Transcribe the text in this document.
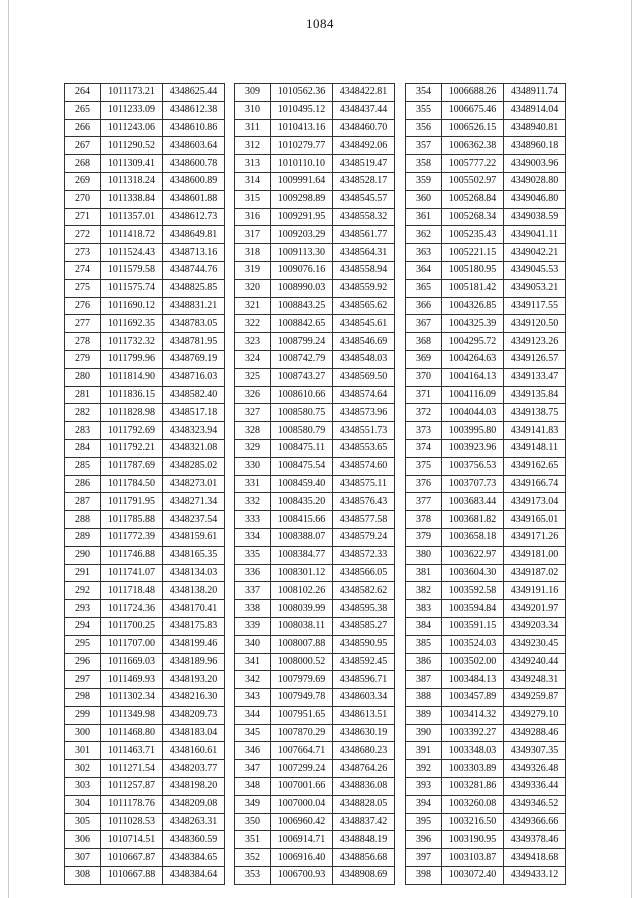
1084
264	1011173.21	4348625.44
265	1011233.09	4348612.38
266	1011243.06	4348610.86
267	1011290.52	4348603.64
268	1011309.41	4348600.78
269	1011318.24	4348600.89
270	1011338.84	4348601.88
271	1011357.01	4348612.73
272	1011418.72	4348649.81
273	1011524.43	4348713.16
274	1011579.58	4348744.76
275	1011575.74	4348825.85
276	1011690.12	4348831.21
277	1011692.35	4348783.05
278	1011732.32	4348781.95
279	1011799.96	4348769.19
280	1011814.90	4348716.03
281	1011836.15	4348582.40
282	1011828.98	4348517.18
283	1011792.69	4348323.94
284	1011792.21	4348321.08
285	1011787.69	4348285.02
286	1011784.50	4348273.01
287	1011791.95	4348271.34
288	1011785.88	4348237.54
289	1011772.39	4348159.61
290	1011746.88	4348165.35
291	1011741.07	4348134.03
292	1011718.48	4348138.20
293	1011724.36	4348170.41
294	1011700.25	4348175.83
295	1011707.00	4348199.46
296	1011669.03	4348189.96
297	1011469.93	4348193.20
298	1011302.34	4348216.30
299	1011349.98	4348209.73
300	1011468.80	4348183.04
301	1011463.71	4348160.61
302	1011271.54	4348203.77
303	1011257.87	4348198.20
304	1011178.76	4348209.08
305	1011028.53	4348263.31
306	1010714.51	4348360.59
307	1010667.87	4348384.65
308	1010667.88	4348384.64
309	1010562.36	4348422.81
310	1010495.12	4348437.44
311	1010413.16	4348460.70
312	1010279.77	4348492.06
313	1010110.10	4348519.47
314	1009991.64	4348528.17
315	1009298.89	4348545.57
316	1009291.95	4348558.32
317	1009203.29	4348561.77
318	1009113.30	4348564.31
319	1009076.16	4348558.94
320	1008990.03	4348559.92
321	1008843.25	4348565.62
322	1008842.65	4348545.61
323	1008799.24	4348546.69
324	1008742.79	4348548.03
325	1008743.27	4348569.50
326	1008610.66	4348574.64
327	1008580.75	4348573.96
328	1008580.79	4348551.73
329	1008475.11	4348553.65
330	1008475.54	4348574.60
331	1008459.40	4348575.11
332	1008435.20	4348576.43
333	1008415.66	4348577.58
334	1008388.07	4348579.24
335	1008384.77	4348572.33
336	1008301.12	4348566.05
337	1008102.26	4348582.62
338	1008039.99	4348595.38
339	1008038.11	4348585.27
340	1008007.88	4348590.95
341	1008000.52	4348592.45
342	1007979.69	4348596.71
343	1007949.78	4348603.34
344	1007951.65	4348613.51
345	1007870.29	4348630.19
346	1007664.71	4348680.23
347	1007299.24	4348764.26
348	1007001.66	4348836.08
349	1007000.04	4348828.05
350	1006960.42	4348837.42
351	1006914.71	4348848.19
352	1006916.40	4348856.68
353	1006700.93	4348908.69
354	1006688.26	4348911.74
355	1006675.46	4348914.04
356	1006526.15	4348940.81
357	1006362.38	4348960.18
358	1005777.22	4349003.96
359	1005502.97	4349028.80
360	1005268.84	4349046.80
361	1005268.34	4349038.59
362	1005235.43	4349041.11
363	1005221.15	4349042.21
364	1005180.95	4349045.53
365	1005181.42	4349053.21
366	1004326.85	4349117.55
367	1004325.39	4349120.50
368	1004295.72	4349123.26
369	1004264.63	4349126.57
370	1004164.13	4349133.47
371	1004116.09	4349135.84
372	1004044.03	4349138.75
373	1003995.80	4349141.83
374	1003923.96	4349148.11
375	1003756.53	4349162.65
376	1003707.73	4349166.74
377	1003683.44	4349173.04
378	1003681.82	4349165.01
379	1003658.18	4349171.26
380	1003622.97	4349181.00
381	1003604.30	4349187.02
382	1003592.58	4349191.16
383	1003594.84	4349201.97
384	1003591.15	4349203.34
385	1003524.03	4349230.45
386	1003502.00	4349240.44
387	1003484.13	4349248.31
388	1003457.89	4349259.87
389	1003414.32	4349279.10
390	1003392.27	4349288.46
391	1003348.03	4349307.35
392	1003303.89	4349326.48
393	1003281.86	4349336.44
394	1003260.08	4349346.52
395	1003216.50	4349366.66
396	1003190.95	4349378.46
397	1003103.87	4349418.68
398	1003072.40	4349433.12
